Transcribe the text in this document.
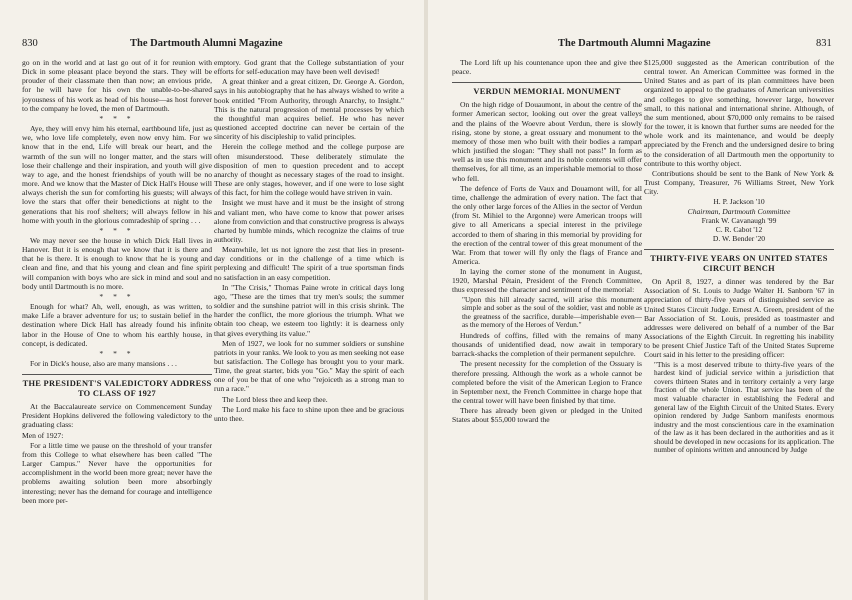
830	The Dartmouth Alumni Magazine

go on in the world and at last go out of it for reunion with Dick in some pleasant place beyond the stars. They will be prouder of their classmate then than now; an envious pride, for he will have for his own the unable-to-be-shared joyousness of his work as head of his house—as host forever to the company he loved, the men of Dartmouth.

* * *

Aye, they will envy him his eternal, earthbound life, just as we, who love life completely, even now envy him. For we know that in the end, Life will break our heart, and the warmth of the sun will no longer matter, and the stars will lose their challenge and their inspiration, and youth will give way to age, and the honest friendships of youth will be no more. And we know that the Master of Dick Hall's House will always cherish the sun for comforting his guests; will always love the stars that offer their benedictions at night to the generations that his roof shelters; will always fellow in his home with youth in the glorious comradeship of spring . . .

* * *

We may never see the house in which Dick Hall lives in Hanover. But it is enough that we know that it is there and that he is there. It is enough to know that he is young and clean and fine, and that his young and clean and fine spirit will companion with boys who are sick in mind and soul and body until Dartmouth is no more.

* * *

Enough for what? Ah, well, enough, as was written, to make Life a braver adventure for us; to sustain belief in the destination where Dick Hall has already found his infinite labor in the House of One to whom his earthly house, in concept, is dedicated.

* * *

For in Dick's house, also are many mansions . . .

THE PRESIDENT'S VALEDICTORY ADDRESS TO CLASS OF 1927

At the Baccalaureate service on Commencement Sunday President Hopkins delivered the following valedictory to the graduating class:

Men of 1927:

For a little time we pause on the threshold of your transfer from this College to what elsewhere has been called "The Larger Campus." Never have the opportunities for accomplishment in the world been more great; never have the problems awaiting solution been more absorbingly interesting; never has the demand for courage and intelligence been more per-

emptory. God grant that the College substantiation of your efforts for self-education may have been well devised!

A great thinker and a great citizen, Dr. George A. Gordon, says in his autobiography that he has always wished to write a book entitled "From Authority, through Anarchy, to Insight." This is the natural progression of mental processes by which the thoughtful man acquires belief. He who has never questioned accepted doctrine can never be certain of the sincerity of his discipleship to valid principles.

Herein the college method and the college purpose are often misunderstood. These deliberately stimulate the disposition of men to question precedent and to accept anarchy of thought as necessary stages of the road to insight. These are only stages, however, and if one were to lose sight of this fact, for him the college would have striven in vain.

Insight we must have and it must be the insight of strong and valiant men, who have come to know that power arises alone from conviction and that constructive progress is always charted by humble minds, which recognize the claims of true authority.

Meanwhile, let us not ignore the zest that lies in present-day conditions or in the challenge of a time which is perplexing and difficult! The spirit of a true sportsman finds no satisfaction in an easy competition.

In "The Crisis," Thomas Paine wrote in critical days long ago, "These are the times that try men's souls; the summer soldier and the sunshine patriot will in this crisis shrink. The harder the conflict, the more glorious the triumph. What we obtain too cheap, we esteem too lightly: it is dearness only that gives everything its value."

Men of 1927, we look for no summer soldiers or sunshine patriots in your ranks. We look to you as men seeking not ease but satisfaction. The College has brought you to your mark. Time, the great starter, bids you "Go." May the spirit of each one of you be that of one who "rejoiceth as a strong man to run a race."

The Lord bless thee and keep thee.

The Lord make his face to shine upon thee and be gracious unto thee.

The Dartmouth Alumni Magazine	831

The Lord lift up his countenance upon thee and give thee peace.

VERDUN MEMORIAL MONUMENT

On the high ridge of Douaumont, in about the centre of the former American sector, looking out over the great valleys and the plains of the Woevre about Verdun, there is slowly rising, stone by stone, a great ossuary and monument to the memory of those men who built with their bodies a rampart which justified the slogan: "They shall not pass!" In form as well as in use this monument and its noble contents will offer themselves, for all time, as an imperishable memorial to those who fell.

The defence of Forts de Vaux and Douamont will, for all time, challenge the admiration of every nation. The fact that the only other large forces of the Allies in the sector of Verdun (from St. Mihiel to the Argonne) were American troops will give to all Americans a special interest in the privilege accorded to them of sharing in this memorial by providing for the erection of the central tower of this great monument of the War. From that tower will fly only the flags of France and America.

In laying the corner stone of the monument in August, 1920, Marshal Pétain, President of the French Committee, thus expressed the character and sentiment of the memorial:

"Upon this hill already sacred, will arise this monument simple and sober as the soul of the soldier, vast and noble as the greatness of the sacrifice, durable—imperishable even—as the memory of the Heroes of Verdun."

Hundreds of coffins, filled with the remains of many thousands of unidentified dead, now await in temporary barrack-shacks the completion of their permanent sepulchre.

The present necessity for the completion of the Ossuary is therefore pressing. Although the work as a whole cannot be completed before the visit of the American Legion to France in September next, the French Committee in charge hope that the central tower will have been finished by that time.

There has already been given or pledged in the United States about $55,000 toward the

$125,000 suggested as the American contribution of the central tower. An American Committee was formed in the United States and as part of its plan committees have been organized to appeal to the graduates of American universities and colleges to give something, however large, however small, to this national and international shrine. Although, of the sum mentioned, about $70,000 only remains to be raised for the tower, it is known that further sums are needed for the whole work and its maintenance, and would be deeply appreciated by the French and the undersigned desire to bring to the consideration of all Dartmouth men the opportunity to contribute to this worthy object.

Contributions should be sent to the Bank of New York & Trust Company, Treasurer, 76 Williams Street, New York City.

H. P. Jackson '10
Chairman, Dartmouth Committee
Frank W. Cavanaugh '99
C. R. Cabot '12
D. W. Bender '20
THIRTY-FIVE YEARS ON UNITED STATES CIRCUIT BENCH

On April 8, 1927, a dinner was tendered by the Bar Association of St. Louis to Judge Walter H. Sanborn '67 in appreciation of thirty-five years of distinguished service as United States Circuit Judge. Ernest A. Green, president of the Bar Association of St. Louis, presided as toastmaster and addresses were delivered on behalf of a number of the Bar Associations of the Eighth Circuit. In regretting his inability to be present Chief Justice Taft of the United States Supreme Court said in his letter to the presiding officer:

"This is a most deserved tribute to thirty-five years of the hardest kind of judicial service within a jurisdiction that covers thirteen States and in territory certainly a very large fraction of the whole Union. That service has been of the most valuable character in establishing the Federal and general law of the Eighth Circuit of the United States. Every opinion rendered by Judge Sanborn manifests enormous industry and the most conscientious care in the examination of the law as it has been declared in the authorities and as it should be developed in new occasions for its application. The number of opinions written and announced by Judge
